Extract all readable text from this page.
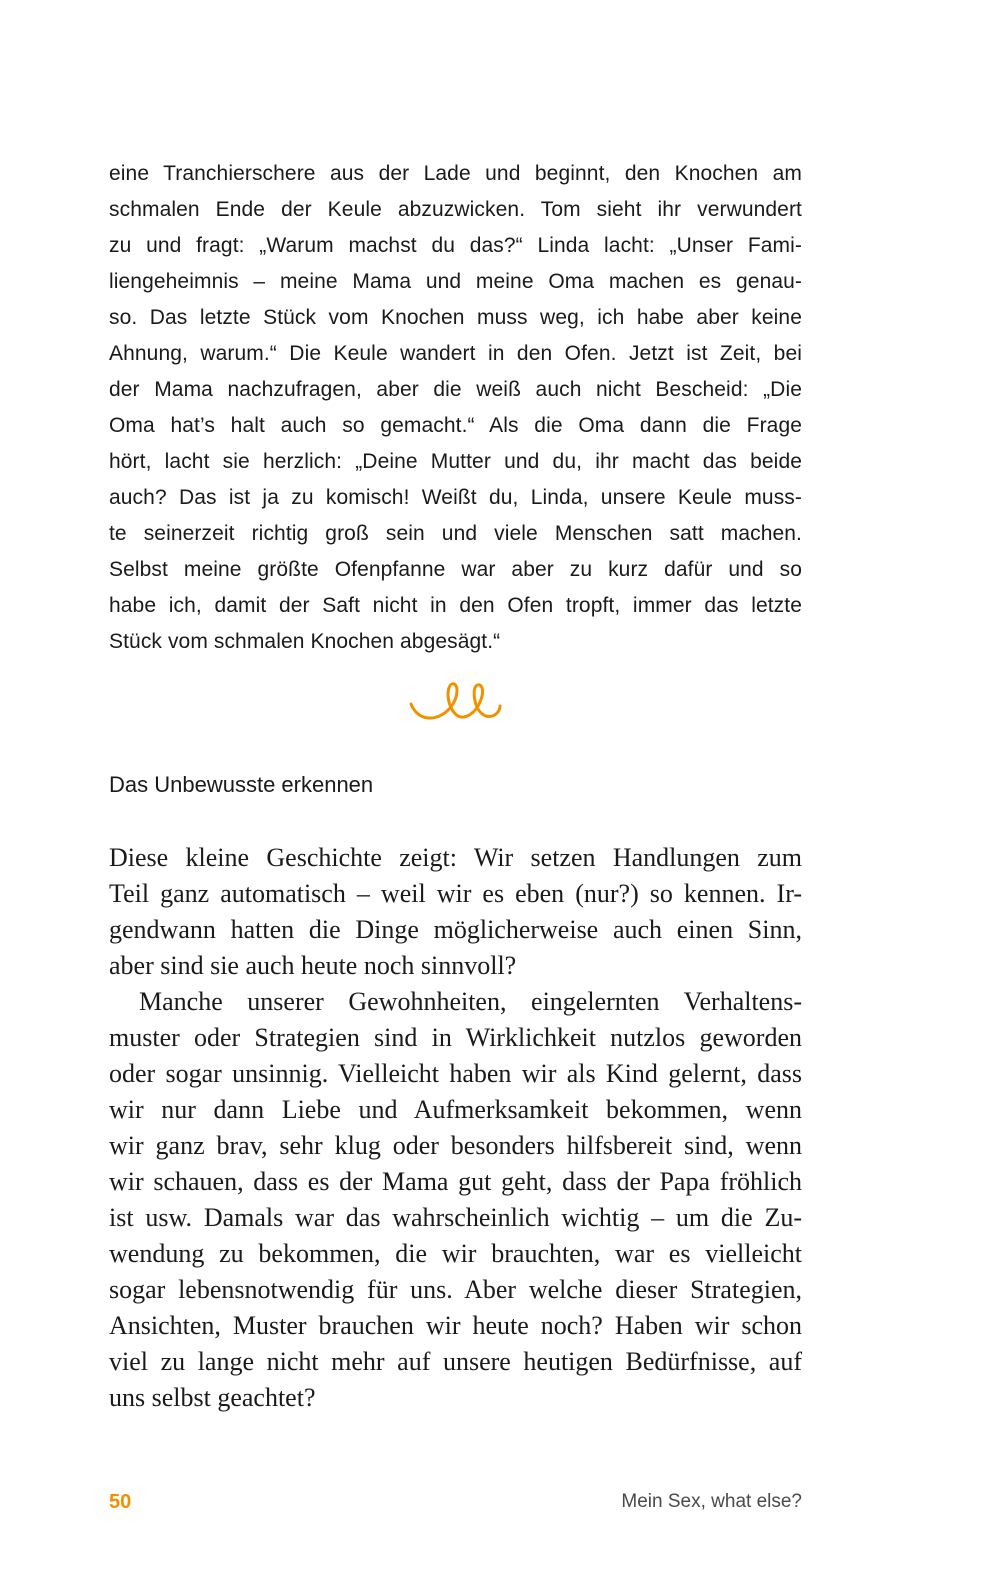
eine Tranchierschere aus der Lade und beginnt, den Knochen am
schmalen Ende der Keule abzuzwicken. Tom sieht ihr verwundert
zu und fragt: „Warum machst du das?“ Linda lacht: „Unser Fami-
liengeheimnis – meine Mama und meine Oma machen es genau-
so. Das letzte Stück vom Knochen muss weg, ich habe aber keine
Ahnung, warum.“ Die Keule wandert in den Ofen. Jetzt ist Zeit, bei
der Mama nachzufragen, aber die weiß auch nicht Bescheid: „Die
Oma hat’s halt auch so gemacht.“ Als die Oma dann die Frage
hört, lacht sie herzlich: „Deine Mutter und du, ihr macht das beide
auch? Das ist ja zu komisch! Weißt du, Linda, unsere Keule muss-
te seinerzeit richtig groß sein und viele Menschen satt machen.
Selbst meine größte Ofenpfanne war aber zu kurz dafür und so
habe ich, damit der Saft nicht in den Ofen tropft, immer das letzte
Stück vom schmalen Knochen abgesägt.“
Das Unbewusste erkennen
Diese kleine Geschichte zeigt: Wir setzen Handlungen zum
Teil ganz automatisch – weil wir es eben (nur?) so kennen. Ir-
gendwann hatten die Dinge möglicherweise auch einen Sinn,
aber sind sie auch heute noch sinnvoll?
Manche unserer Gewohnheiten, eingelernten Verhaltens-
muster oder Strategien sind in Wirklichkeit nutzlos geworden
oder sogar unsinnig. Vielleicht haben wir als Kind gelernt, dass
wir nur dann Liebe und Aufmerksamkeit bekommen, wenn
wir ganz brav, sehr klug oder besonders hilfsbereit sind, wenn
wir schauen, dass es der Mama gut geht, dass der Papa fröhlich
ist usw. Damals war das wahrscheinlich wichtig – um die Zu-
wendung zu bekommen, die wir brauchten, war es vielleicht
sogar lebensnotwendig für uns. Aber welche dieser Strategien,
Ansichten, Muster brauchen wir heute noch? Haben wir schon
viel zu lange nicht mehr auf unsere heutigen Bedürfnisse, auf
uns selbst geachtet?
50	Mein Sex, what else?
